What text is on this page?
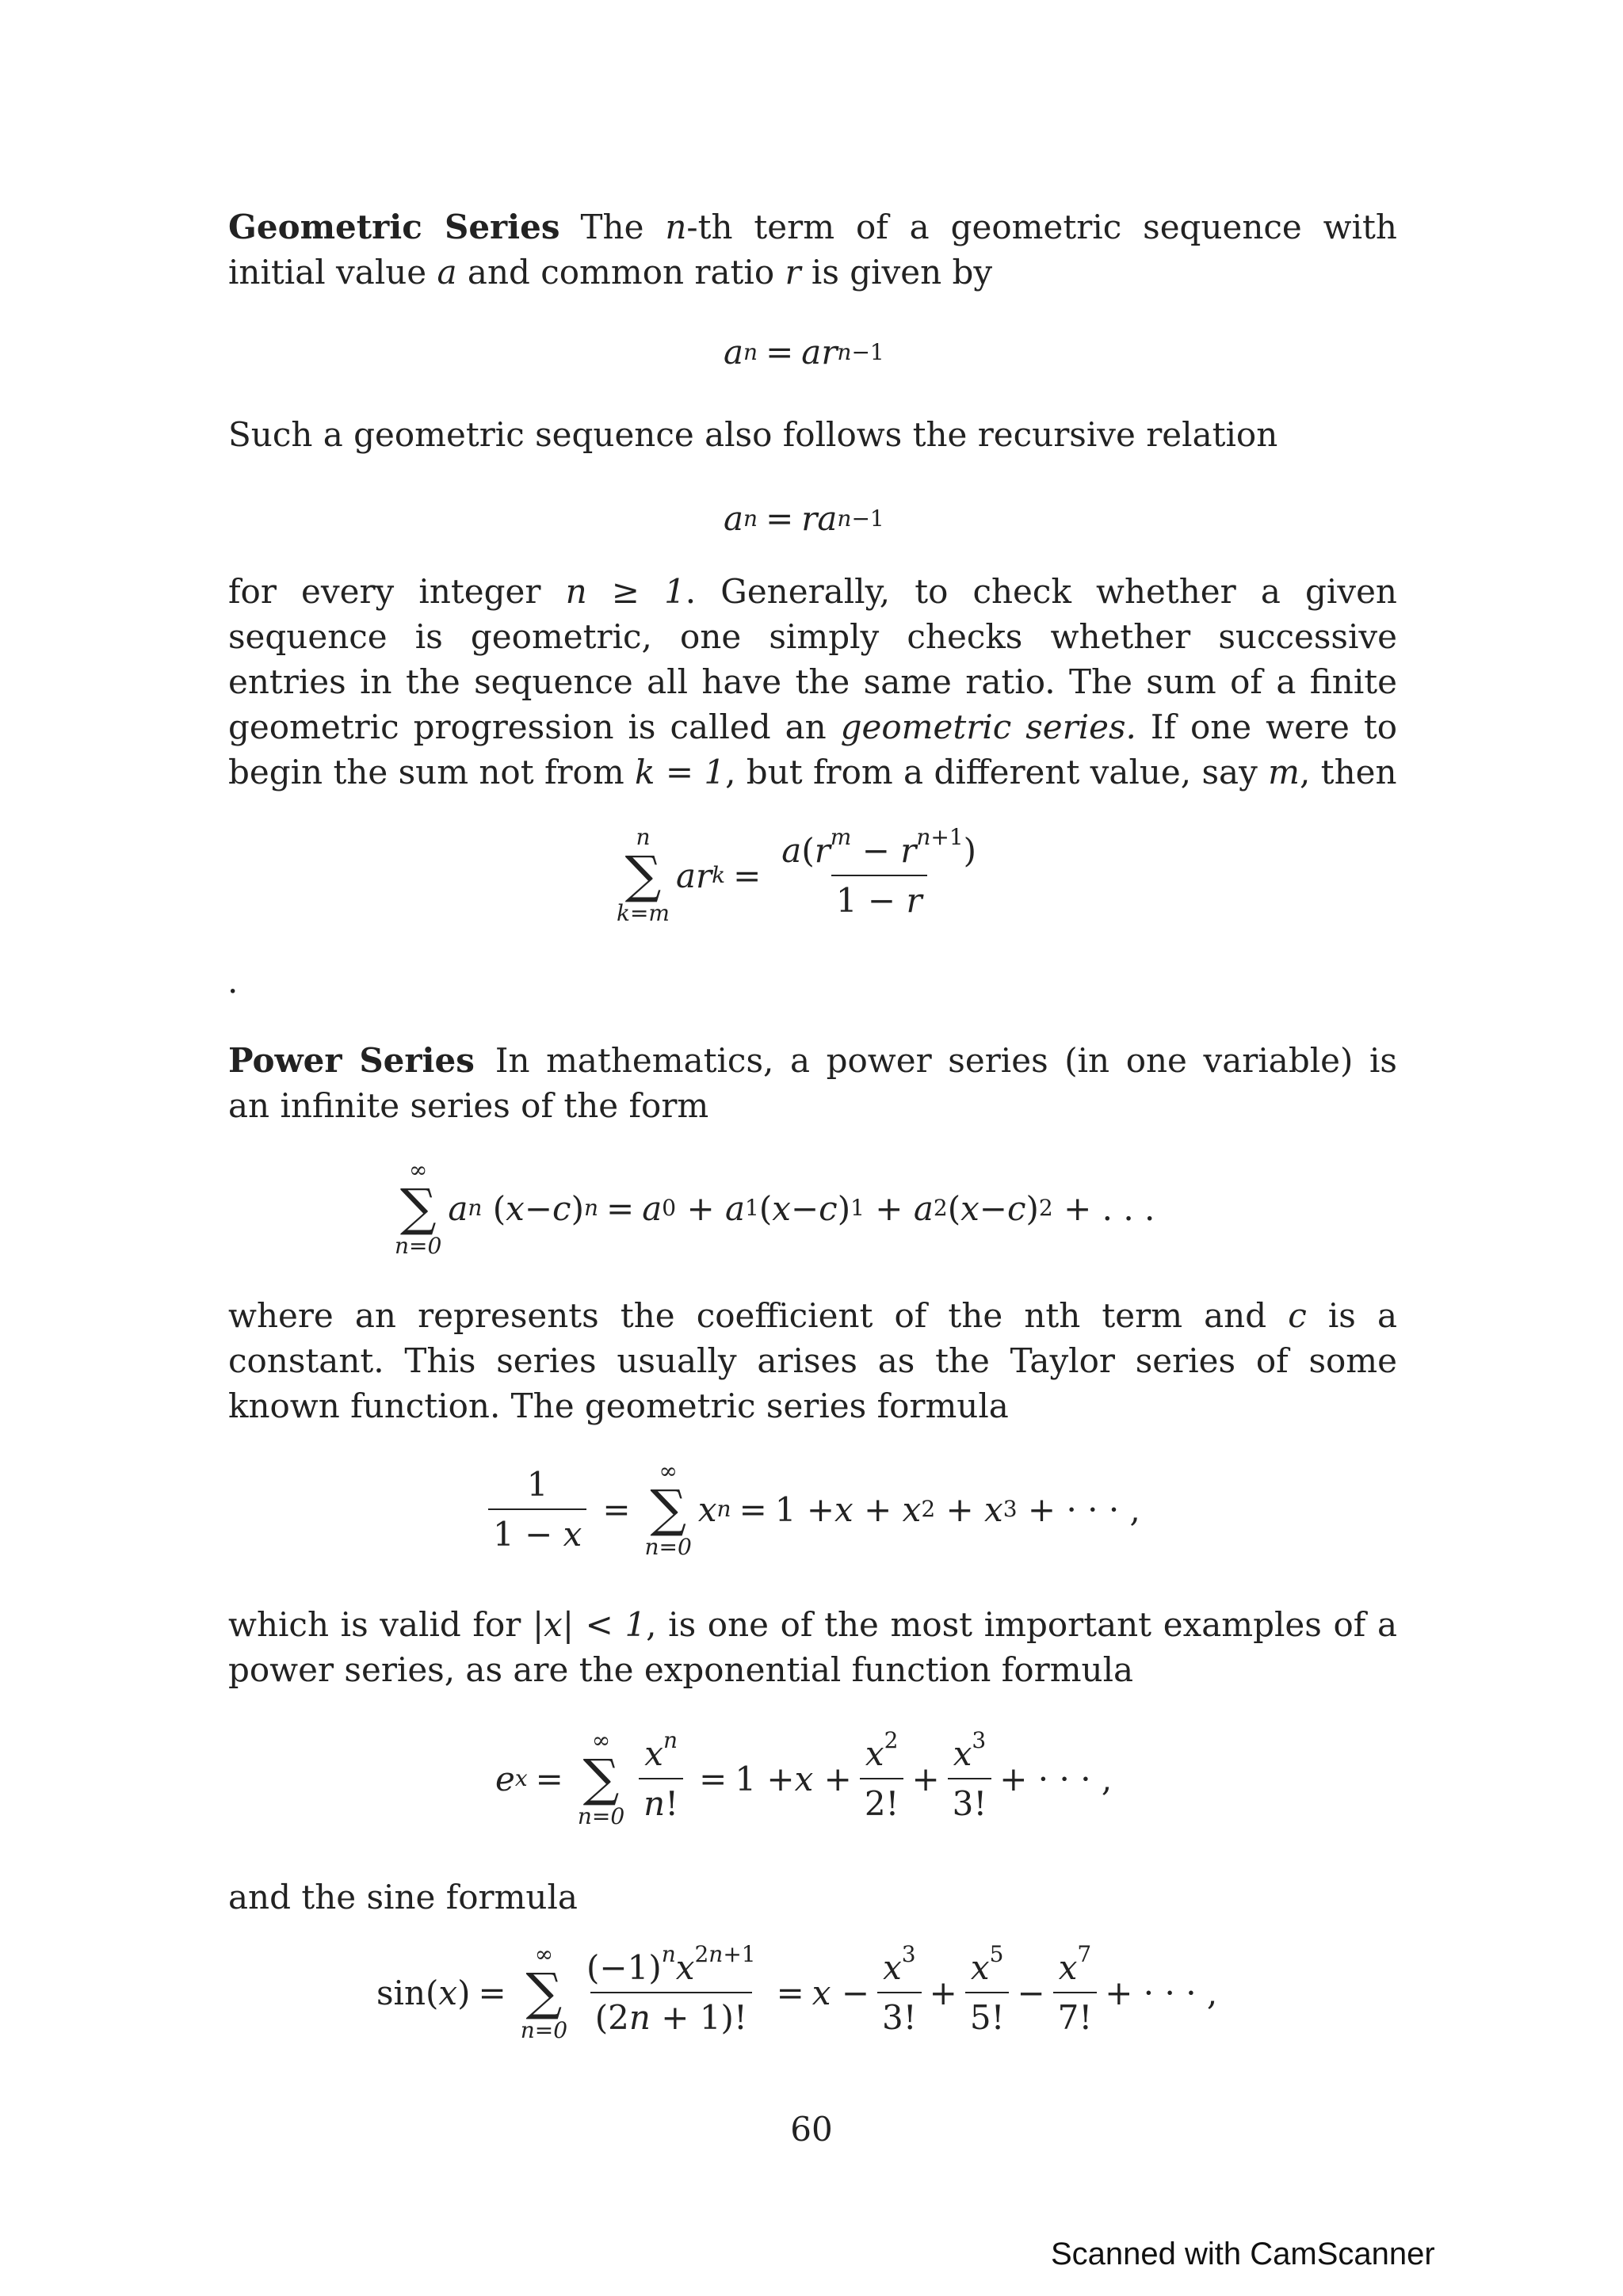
Geometric Series The n-th term of a geometric sequence with initial value a and common ratio r is given by

a n = ar n−1

Such a geometric sequence also follows the recursive relation

a n = ra n−1

for every integer n ≥ 1. Generally, to check whether a given sequence is geometric, one simply checks whether successive entries in the sequence all have the same ratio. The sum of a finite geometric progression is called an geometric series. If one were to begin the sum not from k = 1, but from a different value, say m, then

n
∑
k=m
ar $k = \frac{a(r^m - r^{n+1})}{1 - r}$
.

Power Series In mathematics, a power series (in one variable) is an infinite series of the form

∞
∑
n=0
a n ( x − c ) n = a 0 + a 1 ( x − c ) 1 + a 2 ( x − c ) 2 + . . .

where an represents the coefficient of the nth term and c is a constant. This series usually arises as the Taylor series of some known function. The geometric series formula

$\frac{1}{1 - x}$ =
∞
∑
n=0
x n = 1 + x + x 2 + x 3 + · · · ,

which is valid for |x| < 1, is one of the most important examples of a power series, as are the exponential function formula

e x =
∞
∑
$n=0 \frac{x^n}{n!} = 1 + x + \frac{x^2}{2!} + \frac{x^3}{3!}$ + · · · ,

and the sine formula

sin( x ) =
∞
∑
$n=0 \frac{(-1)^nx^{2n+1}}{(2n + 1)!} = x - \frac{x^3}{3!} + \frac{x^5}{5!} - \frac{x^7}{7!}$ + · · · ,
60
Scanned with CamScanner
